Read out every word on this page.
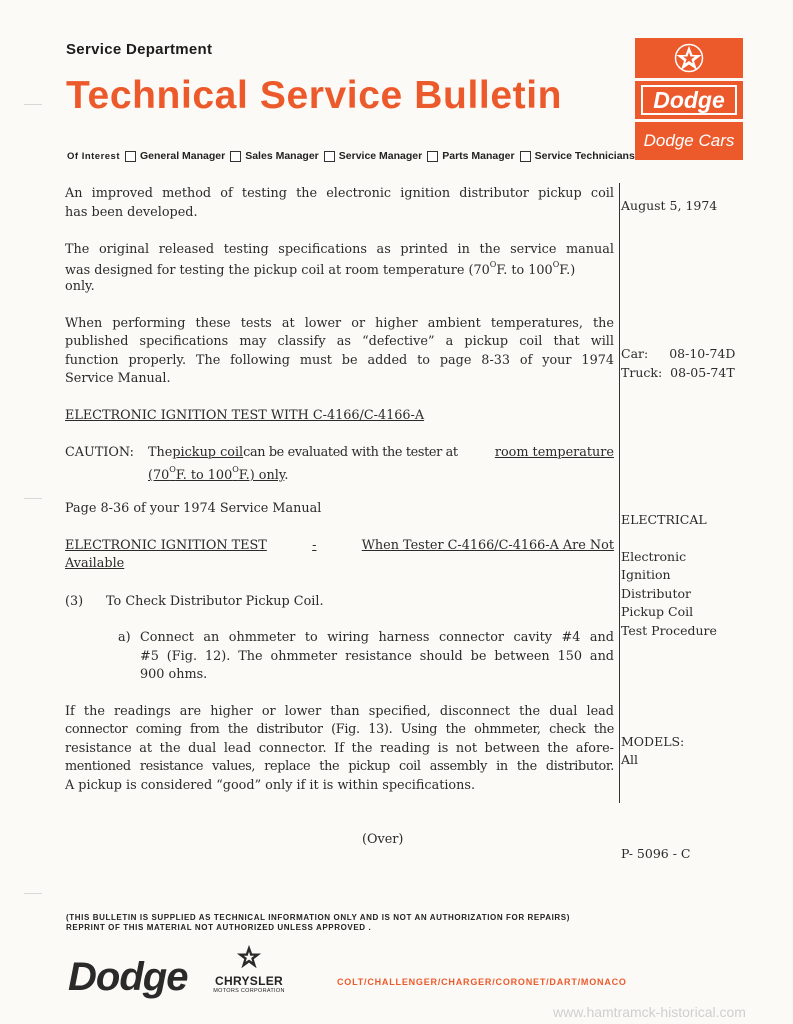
Service Department
Technical Service Bulletin
Of Interest General Manager Sales Manager Service Manager Parts Manager Service Technicians
Dodge
Dodge Cars
August 5, 1974
Car: 08-10-74D
Truck: 08-05-74T
ELECTRICAL
Electronic
Ignition
Distributor
Pickup Coil
Test Procedure
MODELS:
All
P- 5096 - C
An improved method of testing the electronic ignition distributor pickup coil
has been developed.
The original released testing specifications as printed in the service manual
was designed for testing the pickup coil at room temperature ($70^OF$. to $100^OF$.)
only.
When performing these tests at lower or higher ambient temperatures, the
published specifications may classify as “defective” a pickup coil that will
function properly. The following must be added to page 8-33 of your 1974
Service Manual.
ELECTRONIC IGNITION TEST WITH C-4166/C-4166-A
CAUTION: Thepickup coilcan be evaluated with the tester at	room temperature
($70^OF$. to $100^OF$.) only.
Page 8-36 of your 1974 Service Manual
ELECTRONIC IGNITION TEST	-	When Tester C-4166/C-4166-A Are Not
Available
(3) To Check Distributor Pickup Coil.
a) Connect an ohmmeter to wiring harness connector cavity #4 and
#5 (Fig. 12). The ohmmeter resistance should be between 150 and
900 ohms.
If the readings are higher or lower than specified, disconnect the dual lead
connector coming from the distributor (Fig. 13). Using the ohmmeter, check the
resistance at the dual lead connector. If the reading is not between the afore-
mentioned resistance values, replace the pickup coil assembly in the distributor.
A pickup is considered “good” only if it is within specifications.
(Over)
(THIS BULLETIN IS SUPPLIED AS TECHNICAL INFORMATION ONLY AND IS NOT AN AUTHORIZATION FOR REPAIRS)
REPRINT OF THIS MATERIAL NOT AUTHORIZED UNLESS APPROVED .
Dodge CHRYSLER
MOTORS CORPORATION
COLT/CHALLENGER/CHARGER/CORONET/DART/MONACO
www.hamtramck-historical.com
